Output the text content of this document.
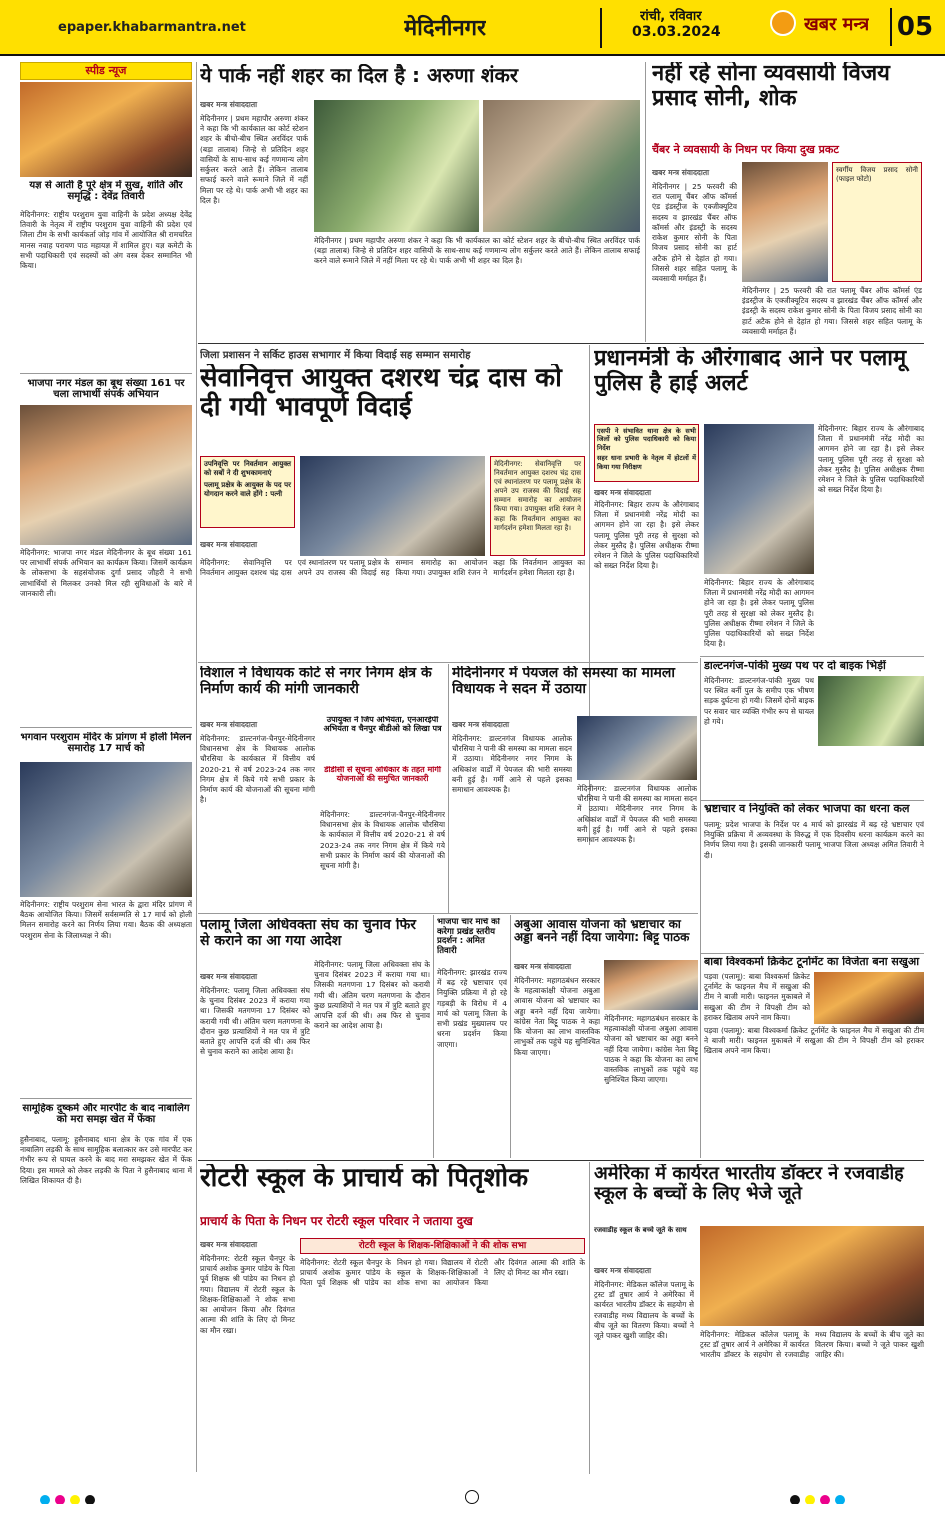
epaper.khabarmantra.net	मेदिनीनगर	रांची, रविवार
03.03.2024	खबर मन्त्र 05
स्पीड न्यूज
यज्ञ से आती है पूरे क्षेत्र में सुख, शांति और समृद्धि : देवेंद्र तिवारी
मेदिनीनगर: राष्ट्रीय परशुराम युवा वाहिनी के प्रदेश अध्यक्ष देवेंद्र तिवारी के नेतृत्व में राष्ट्रीय परशुराम युवा वाहिनी की प्रदेश एवं जिला टीम के सभी कार्यकर्ता जोड़ गांव में आयोजित श्री रामचरित मानस नवाह परायण पाठ महायज्ञ में शामिल हुए। यज्ञ कमेटी के सभी पदाधिकारी एवं सदस्यों को अंग वस्त्र देकर सम्मानित भी किया।
भाजपा नगर मंडल का बूथ संख्या 161 पर चला लाभार्थी संपर्क अभियान
मेदिनीनगर: भाजपा नगर मंडल मेदिनीनगर के बूथ संख्या 161 पर लाभार्थी संपर्क अभियान का कार्यक्रम किया। जिसमें कार्यक्रम के लोकसभा के सहसंयोजक दुर्गा प्रसाद जौहरी ने सभी लाभार्थियों से मिलकर उनको मिल रही सुविधाओं के बारे में जानकारी ली।
भगवान परशुराम मंदिर के प्रांगण में होली मिलन समारोह 17 मार्च को
मेदिनीनगर: राष्ट्रीय परशुराम सेना भारत के द्वारा मंदिर प्रांगण में बैठक आयोजित किया। जिसमें सर्वसम्मति से 17 मार्च को होली मिलन समारोह करने का निर्णय लिया गया। बैठक की अध्यक्षता परशुराम सेना के जिलाध्यक्ष ने की।
सामूहिक दुष्कर्म और मारपीट के बाद नाबालिग को मरा समझ खेत में फेंका
हुसैनाबाद, पलामू: हुसैनाबाद थाना क्षेत्र के एक गांव में एक नाबालिग लड़की के साथ सामूहिक बलात्कार कर उसे मारपीट कर गंभीर रूप से घायल करने के बाद मरा समझकर खेत में फेंक दिया। इस मामले को लेकर लड़की के पिता ने हुसैनाबाद थाना में लिखित शिकायत दी है।
ये पार्क नहीं शहर का दिल है : अरुणा शंकर
खबर मन्त्र संवाददाता
मेदिनीनगर | प्रथम महापौर अरुणा शंकर ने कहा कि भी कार्यकाल का कोर्ट स्टेशन शहर के बीचो-बीच स्थित अरविंदर पार्क (बड़ा तालाब) जिन्हे से प्रतिदिन शहर वासियों के साथ-साथ कई गणमान्य लोग सर्कुलर करते आते हैं। लेकिन तालाब सफाई करने वाले रूमाने जिले में नहीं मिला पर रहे थे। पार्क अभी भी शहर का दिल है।
मेदिनीनगर | प्रथम महापौर अरुणा शंकर ने कहा कि भी कार्यकाल का कोर्ट स्टेशन शहर के बीचो-बीच स्थित अरविंदर पार्क (बड़ा तालाब) जिन्हे से प्रतिदिन शहर वासियों के साथ-साथ कई गणमान्य लोग सर्कुलर करते आते हैं। लेकिन तालाब सफाई करने वाले रूमाने जिले में नहीं मिला पर रहे थे। पार्क अभी भी शहर का दिल है।
नहीं रहे सोना व्यवसायी विजय प्रसाद सोनी, शोक
चैंबर ने व्यवसायी के निधन पर किया दुख प्रकट
खबर मन्त्र संवाददाता
मेदिनीनगर | 25 फरवरी की रात पलामू चैंबर ऑफ कॉमर्स एंड इंडस्ट्रीज के एक्जीक्यूटिव सदस्य व झारखंड चैंबर ऑफ कॉमर्स और इंडस्ट्री के सदस्य राकेश कुमार सोनी के पिता विजय प्रसाद सोनी का हार्ट अटैक होने से देहांत हो गया। जिससे शहर सहित पलामू के व्यवसायी मर्माहत हैं।
स्वर्गीय विजय प्रसाद सोनी (फाइल फोटो)
मेदिनीनगर | 25 फरवरी की रात पलामू चैंबर ऑफ कॉमर्स एंड इंडस्ट्रीज के एक्जीक्यूटिव सदस्य व झारखंड चैंबर ऑफ कॉमर्स और इंडस्ट्री के सदस्य राकेश कुमार सोनी के पिता विजय प्रसाद सोनी का हार्ट अटैक होने से देहांत हो गया। जिससे शहर सहित पलामू के व्यवसायी मर्माहत हैं।
जिला प्रशासन ने सर्किट हाउस सभागार में किया विदाई सह सम्मान समारोह
सेवानिवृत्त आयुक्त दशरथ चंद्र दास को दी गयी भावपूर्ण विदाई
उपनिवृत्ति पर निवर्तमान आयुक्त को सबों ने दी शुभकामनाएं
पलामू प्रक्षेत्र के आयुक्त के पद पर योगदान करने वाले होंगे : पत्नी
खबर मन्त्र संवाददाता
मेदिनीनगर: सेवानिवृत्ति पर निवर्तमान आयुक्त दशरथ चंद्र दास एवं स्थानांतरण पर पलामू प्रक्षेत्र के अपने उप राजस्व की विदाई सह सम्मान समारोह का आयोजन किया गया। उपायुक्त शशि रंजन ने कहा कि निवर्तमान आयुक्त का मार्गदर्शन हमेशा मिलता रहा है।
मेदिनीनगर: सेवानिवृत्ति पर निवर्तमान आयुक्त दशरथ चंद्र दास एवं स्थानांतरण पर पलामू प्रक्षेत्र के अपने उप राजस्व की विदाई सह सम्मान समारोह का आयोजन किया गया। उपायुक्त शशि रंजन ने कहा कि निवर्तमान आयुक्त का मार्गदर्शन हमेशा मिलता रहा है।
प्रधानमंत्री के औरंगाबाद आने पर पलामू पुलिस है हाई अलर्ट
एसपी ने संभावित थाना क्षेत्र के सभी जिलों को पुलिस पदाधिकारी को किया निर्देश
सहर धाना प्रभारी के नेतृत्व में होटलों में किया गया निरीक्षण
खबर मन्त्र संवाददाता
मेदिनीनगर: बिहार राज्य के औरंगाबाद जिला में प्रधानमंत्री नरेंद्र मोदी का आगमन होने जा रहा है। इसे लेकर पलामू पुलिस पूरी तरह से सुरक्षा को लेकर मुस्तैद है। पुलिस अधीक्षक रीष्मा रमेशन ने जिले के पुलिस पदाधिकारियों को सख्त निर्देश दिया है।
मेदिनीनगर: बिहार राज्य के औरंगाबाद जिला में प्रधानमंत्री नरेंद्र मोदी का आगमन होने जा रहा है। इसे लेकर पलामू पुलिस पूरी तरह से सुरक्षा को लेकर मुस्तैद है। पुलिस अधीक्षक रीष्मा रमेशन ने जिले के पुलिस पदाधिकारियों को सख्त निर्देश दिया है।
मेदिनीनगर: बिहार राज्य के औरंगाबाद जिला में प्रधानमंत्री नरेंद्र मोदी का आगमन होने जा रहा है। इसे लेकर पलामू पुलिस पूरी तरह से सुरक्षा को लेकर मुस्तैद है। पुलिस अधीक्षक रीष्मा रमेशन ने जिले के पुलिस पदाधिकारियों को सख्त निर्देश दिया है।
डाल्टनगंज-पांकी मुख्य पथ पर दो बाइक भिड़ीं
मेदिनीनगर: डाल्टनगंज-पांकी मुख्य पथ पर स्थित बर्नी पुल के समीप एक भीषण सड़क दुर्घटना हो गयी। जिसमें दोनों बाइक पर सवार चार व्यक्ति गंभीर रूप से घायल हो गये।
भ्रष्टाचार व नियुक्ति को लेकर भाजपा का धरना कल
पलामू: प्रदेश भाजपा के निर्देश पर 4 मार्च को झारखंड में बढ़ रहे भ्रष्टाचार एवं नियुक्ति प्रक्रिया में अव्यवस्था के विरुद्ध में एक दिवसीय धरना कार्यक्रम करने का निर्णय लिया गया है। इसकी जानकारी पलामू भाजपा जिला अध्यक्ष अमित तिवारी ने दी।
बाबा विश्वकर्मा क्रिकेट टूर्नामेंट का विजेता बना सखुआ
पड़वा (पलामू): बाबा विश्वकर्मा क्रिकेट टूर्नामेंट के फाइनल मैच में सखुआ की टीम ने बाजी मारी। फाइनल मुकाबले में सखुआ की टीम ने विपक्षी टीम को हराकर खिताब अपने नाम किया।
पड़वा (पलामू): बाबा विश्वकर्मा क्रिकेट टूर्नामेंट के फाइनल मैच में सखुआ की टीम ने बाजी मारी। फाइनल मुकाबले में सखुआ की टीम ने विपक्षी टीम को हराकर खिताब अपने नाम किया।
विशाल ने विधायक कोटे से नगर निगम क्षेत्र के निर्माण कार्य की मांगी जानकारी
खबर मन्त्र संवाददाता
उपायुक्त ने जिप अभियंता, एनआरईपी अभियंता व चैनपुर बीडीओ को लिखा पत्र
डीडीसी से सूचना अधिकार के तहत मांगी योजनाओं की समुचित जानकारी
मेदिनीनगर: डाल्टनगंज-चैनपुर-मेदिनीनगर विधानसभा क्षेत्र के विधायक आलोक चौरसिया के कार्यकाल में वित्तीय वर्ष 2020-21 से वर्ष 2023-24 तक नगर निगम क्षेत्र में किये गये सभी प्रकार के निर्माण कार्य की योजनाओं की सूचना मांगी है।
मेदिनीनगर: डाल्टनगंज-चैनपुर-मेदिनीनगर विधानसभा क्षेत्र के विधायक आलोक चौरसिया के कार्यकाल में वित्तीय वर्ष 2020-21 से वर्ष 2023-24 तक नगर निगम क्षेत्र में किये गये सभी प्रकार के निर्माण कार्य की योजनाओं की सूचना मांगी है।
मेदिनीनगर में पेयजल की समस्या का मामला विधायक ने सदन में उठाया
खबर मन्त्र संवाददाता
मेदिनीनगर: डाल्टनगंज विधायक आलोक चौरसिया ने पानी की समस्या का मामला सदन में उठाया। मेदिनीनगर नगर निगम के अधिकांश वार्डों में पेयजल की भारी समस्या बनी हुई है। गर्मी आने से पहले इसका समाधान आवश्यक है।	मेदिनीनगर: डाल्टनगंज विधायक आलोक चौरसिया ने पानी की समस्या का मामला सदन में उठाया। मेदिनीनगर नगर निगम के अधिकांश वार्डों में पेयजल की भारी समस्या बनी हुई है। गर्मी आने से पहले इसका समाधान आवश्यक है।
पलामू जिला अधिवक्ता संघ का चुनाव फिर से कराने का आ गया आदेश
खबर मन्त्र संवाददाता
मेदिनीनगर: पलामू जिला अधिवक्ता संघ के चुनाव दिसंबर 2023 में कराया गया था। जिसकी मतगणना 17 दिसंबर को करायी गयी थी। अंतिम चरण मतगणना के दौरान कुछ प्रत्याशियों ने मत पत्र में त्रुटि बताते हुए आपत्ति दर्ज की थी। अब फिर से चुनाव कराने का आदेश आया है।
मेदिनीनगर: पलामू जिला अधिवक्ता संघ के चुनाव दिसंबर 2023 में कराया गया था। जिसकी मतगणना 17 दिसंबर को करायी गयी थी। अंतिम चरण मतगणना के दौरान कुछ प्रत्याशियों ने मत पत्र में त्रुटि बताते हुए आपत्ति दर्ज की थी। अब फिर से चुनाव कराने का आदेश आया है।
भाजपा चार मार्च को करेगा प्रखंड स्तरीय प्रदर्शन : अमित तिवारी
मेदिनीनगर: झारखंड राज्य में बढ़ रहे भ्रष्टाचार एवं नियुक्ति प्रक्रिया में हो रहे गड़बड़ी के विरोध में 4 मार्च को पलामू जिला के सभी प्रखंड मुख्यालय पर धरना प्रदर्शन किया जाएगा।
अबुआ आवास योजना को भ्रष्टाचार का अड्डा बनने नहीं दिया जायेगा: बिट्टू पाठक
खबर मन्त्र संवाददाता
मेदिनीनगर: महागठबंधन सरकार के महत्वाकांक्षी योजना अबुआ आवास योजना को भ्रष्टाचार का अड्डा बनने नहीं दिया जायेगा। कांग्रेस नेता बिट्टू पाठक ने कहा कि योजना का लाभ वास्तविक लाभुकों तक पहुंचे यह सुनिश्चित किया जाएगा।
मेदिनीनगर: महागठबंधन सरकार के महत्वाकांक्षी योजना अबुआ आवास योजना को भ्रष्टाचार का अड्डा बनने नहीं दिया जायेगा। कांग्रेस नेता बिट्टू पाठक ने कहा कि योजना का लाभ वास्तविक लाभुकों तक पहुंचे यह सुनिश्चित किया जाएगा।
रोटरी स्कूल के प्राचार्य को पितृशोक
प्राचार्य के पिता के निधन पर रोटरी स्कूल परिवार ने जताया दुख
खबर मन्त्र संवाददाता
मेदिनीनगर: रोटरी स्कूल चैनपुर के प्राचार्य अशोक कुमार पांडेय के पिता पूर्व शिक्षक श्री पांडेय का निधन हो गया। विद्यालय में रोटरी स्कूल के शिक्षक-शिक्षिकाओं ने शोक सभा का आयोजन किया और दिवंगत आत्मा की शांति के लिए दो मिनट का मौन रखा।
रोटरी स्कूल के शिक्षक-शिक्षिकाओं ने की शोक सभा
मेदिनीनगर: रोटरी स्कूल चैनपुर के प्राचार्य अशोक कुमार पांडेय के पिता पूर्व शिक्षक श्री पांडेय का निधन हो गया। विद्यालय में रोटरी स्कूल के शिक्षक-शिक्षिकाओं ने शोक सभा का आयोजन किया और दिवंगत आत्मा की शांति के लिए दो मिनट का मौन रखा।
अमेरिका में कार्यरत भारतीय डॉक्टर ने रजवाडीह स्कूल के बच्चों के लिए भेजे जूते
रजवाडीह स्कूल के बच्चे जूते के साथ
खबर मन्त्र संवाददाता
मेदिनीनगर: मेडिकल कॉलेज पलामू के ट्रस्ट डॉ तुषार आर्य ने अमेरिका में कार्यरत भारतीय डॉक्टर के सहयोग से रजवाडीह मध्य विद्यालय के बच्चों के बीच जूते का वितरण किया। बच्चों ने जूते पाकर खुशी जाहिर की।	मेदिनीनगर: मेडिकल कॉलेज पलामू के ट्रस्ट डॉ तुषार आर्य ने अमेरिका में कार्यरत भारतीय डॉक्टर के सहयोग से रजवाडीह मध्य विद्यालय के बच्चों के बीच जूते का वितरण किया। बच्चों ने जूते पाकर खुशी जाहिर की।
